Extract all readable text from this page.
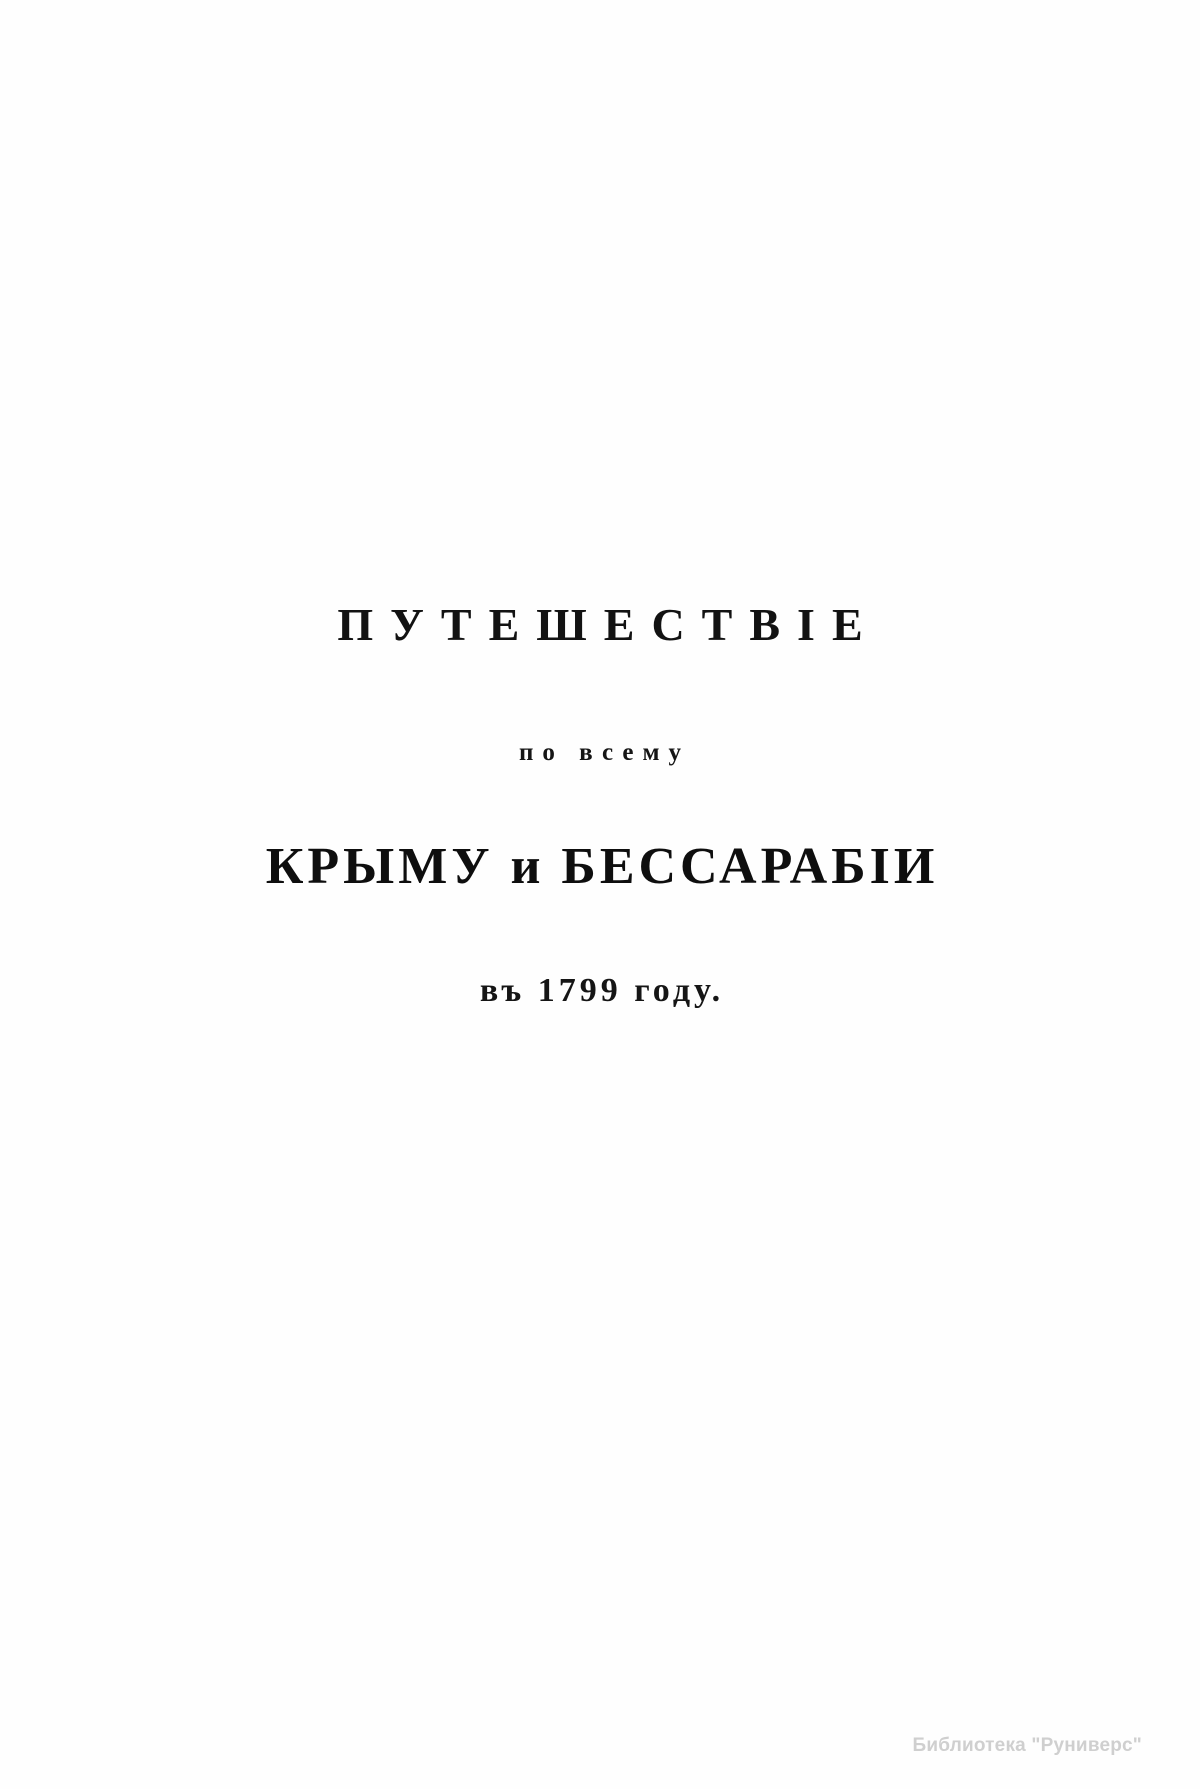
ПУТЕШЕСТВІЕ
по всему
КРЫМУ и БЕССАРАБІИ
въ 1799 году.
Библиотека "Руниверс"
